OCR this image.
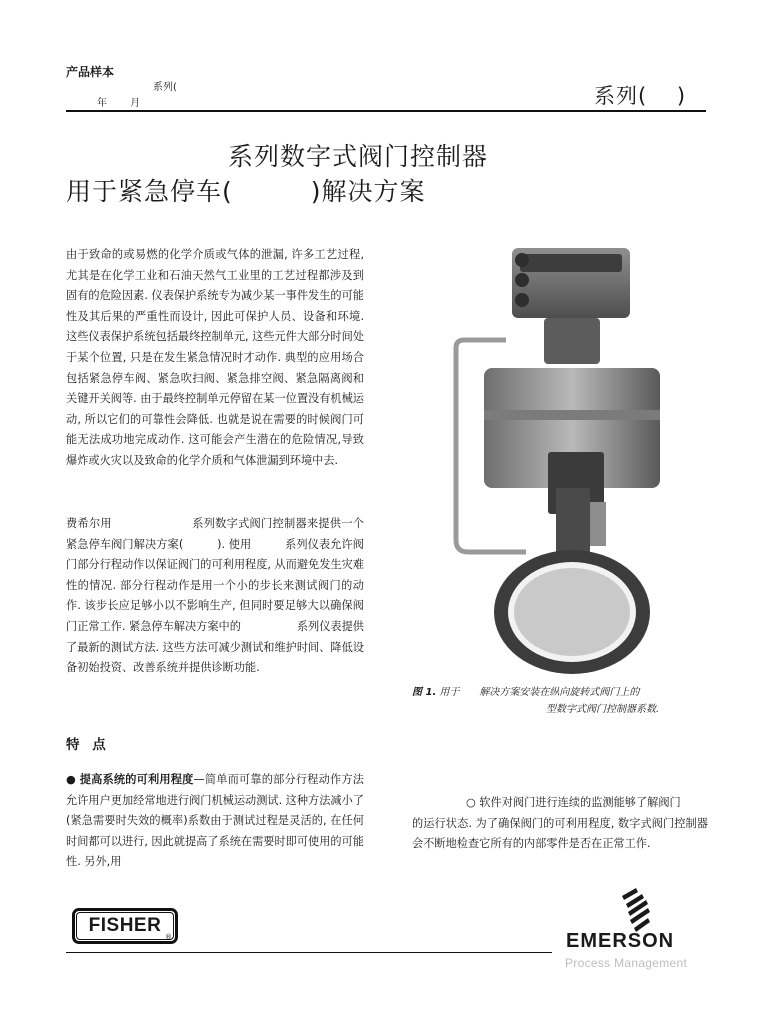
产品样本
系列(
年 月	系列(　 )
系列数字式阀门控制器
用于紧急停车(　　　)解决方案
由于致命的或易燃的化学介质或气体的泄漏, 许多工艺过程, 尤其是在化学工业和石油天然气工业里的工艺过程都涉及到固有的危险因素. 仪表保护系统专为减少某一事件发生的可能性及其后果的严重性而设计, 因此可保护人员、设备和环境. 这些仪表保护系统包括最终控制单元, 这些元件大部分时间处于某个位置, 只是在发生紧急情况时才动作. 典型的应用场合包括紧急停车阀、紧急吹扫阀、紧急排空阀、紧急隔离阀和关键开关阀等. 由于最终控制单元停留在某一位置没有机械运动, 所以它们的可靠性会降低. 也就是说在需要的时候阀门可能无法成功地完成动作. 这可能会产生潜在的危险情况,导致爆炸或火灾以及致命的化学介质和气体泄漏到环境中去.
费希尔用　　　　　　　系列数字式阀门控制器来提供一个紧急停车阀门解决方案(　　　). 使用　　　系列仪表允许阀门部分行程动作以保证阀门的可利用程度, 从而避免发生灾难性的情况. 部分行程动作是用一个小的步长来测试阀门的动作. 该步长应足够小以不影响生产, 但同时要足够大以确保阀门正常工作. 紧急停车解决方案中的　　　　　系列仪表提供了最新的测试方法. 这些方法可减少测试和维护时间、降低设备初始投资、改善系统并提供诊断功能.
图 1. 用于　　解决方案安装在纵向旋转式阀门上的
型数字式阀门控制器系数.
特 点
● 提高系统的可利用程度—简单而可靠的部分行程动作方法允许用户更加经常地进行阀门机械运动测试. 这种方法减小了　　(紧急需要时失效的概率)系数由于测试过程是灵活的, 在任何时间都可以进行, 因此就提高了系统在需要时即可使用的可能性. 另外,用
○ 软件对阀门进行连续的监测能够了解阀门
的运行状态. 为了确保阀门的可利用程度, 数字式阀门控制器会不断地检查它所有的内部零件是否在正常工作.
FISHER
®	EMERSON
Process Management
